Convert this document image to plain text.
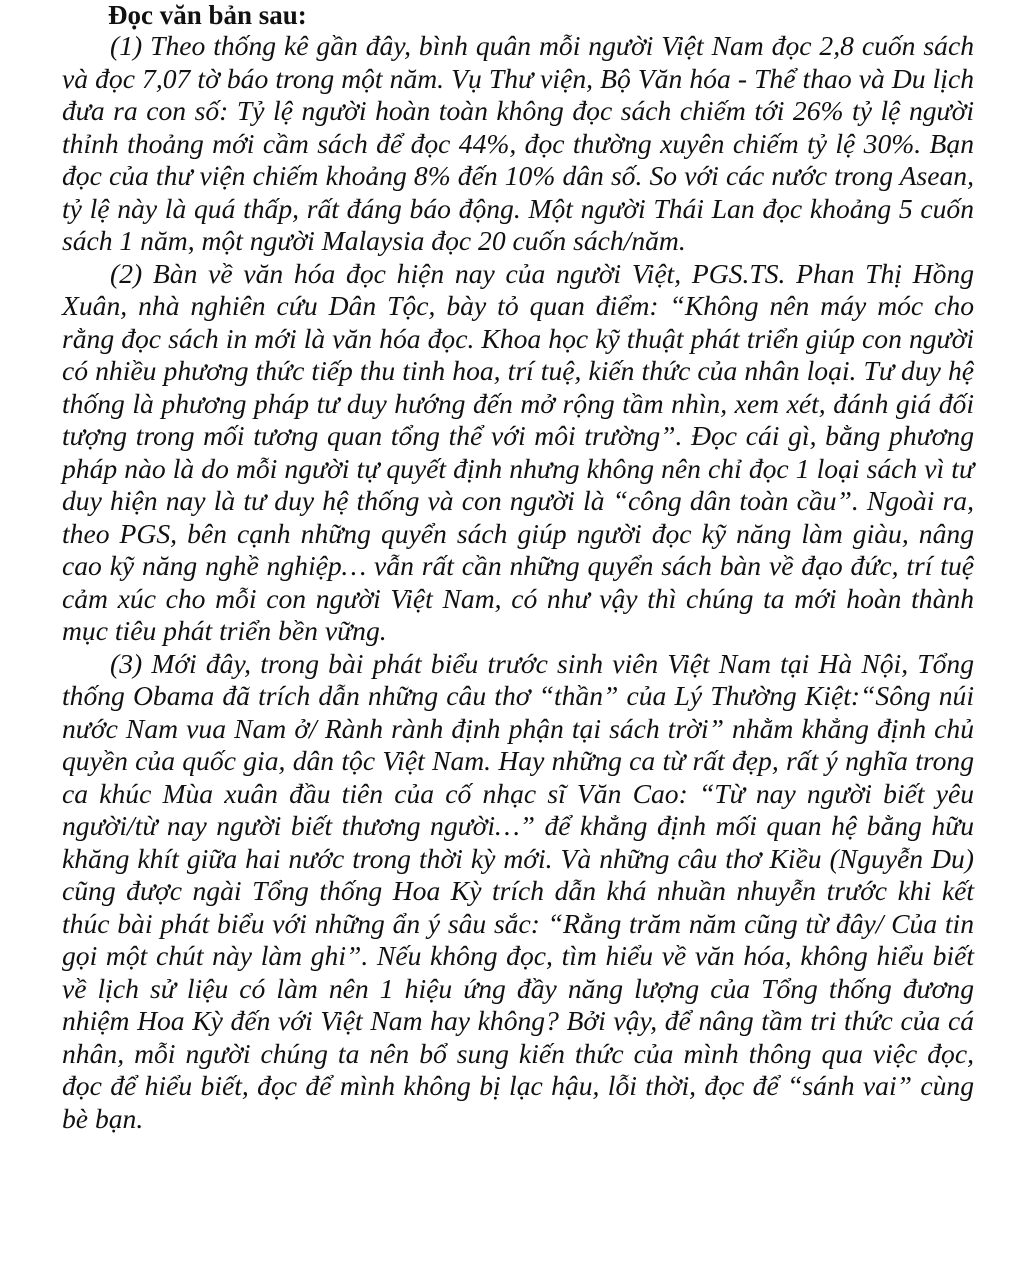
Đọc văn bản sau:

(1) Theo thống kê gần đây, bình quân mỗi người Việt Nam đọc 2,8 cuốn sách và đọc 7,07 tờ báo trong một năm. Vụ Thư viện, Bộ Văn hóa - Thể thao và Du lịch đưa ra con số: Tỷ lệ người hoàn toàn không đọc sách chiếm tới 26% tỷ lệ người thỉnh thoảng mới cầm sách để đọc 44%, đọc thường xuyên chiếm tỷ lệ 30%. Bạn đọc của thư viện chiếm khoảng 8% đến 10% dân số. So với các nước trong Asean, tỷ lệ này là quá thấp, rất đáng báo động. Một người Thái Lan đọc khoảng 5 cuốn sách 1 năm, một người Malaysia đọc 20 cuốn sách/năm.

(2) Bàn về văn hóa đọc hiện nay của người Việt, PGS.TS. Phan Thị Hồng Xuân, nhà nghiên cứu Dân Tộc, bày tỏ quan điểm: “Không nên máy móc cho rằng đọc sách in mới là văn hóa đọc. Khoa học kỹ thuật phát triển giúp con người có nhiều phương thức tiếp thu tinh hoa, trí tuệ, kiến thức của nhân loại. Tư duy hệ thống là phương pháp tư duy hướng đến mở rộng tầm nhìn, xem xét, đánh giá đối tượng trong mối tương quan tổng thể với môi trường”. Đọc cái gì, bằng phương pháp nào là do mỗi người tự quyết định nhưng không nên chỉ đọc 1 loại sách vì tư duy hiện nay là tư duy hệ thống và con người là “công dân toàn cầu”. Ngoài ra, theo PGS, bên cạnh những quyển sách giúp người đọc kỹ năng làm giàu, nâng cao kỹ năng nghề nghiệp… vẫn rất cần những quyển sách bàn về đạo đức, trí tuệ cảm xúc cho mỗi con người Việt Nam, có như vậy thì chúng ta mới hoàn thành mục tiêu phát triển bền vững.

(3) Mới đây, trong bài phát biểu trước sinh viên Việt Nam tại Hà Nội, Tổng thống Obama đã trích dẫn những câu thơ “thần” của Lý Thường Kiệt:“Sông núi nước Nam vua Nam ở/ Rành rành định phận tại sách trời” nhằm khẳng định chủ quyền của quốc gia, dân tộc Việt Nam. Hay những ca từ rất đẹp, rất ý nghĩa trong ca khúc Mùa xuân đầu tiên của cố nhạc sĩ Văn Cao: “Từ nay người biết yêu người/từ nay người biết thương người…” để khẳng định mối quan hệ bằng hữu khăng khít giữa hai nước trong thời kỳ mới. Và những câu thơ Kiều (Nguyễn Du) cũng được ngài Tổng thống Hoa Kỳ trích dẫn khá nhuần nhuyễn trước khi kết thúc bài phát biểu với những ẩn ý sâu sắc: “Rằng trăm năm cũng từ đây/ Của tin gọi một chút này làm ghi”. Nếu không đọc, tìm hiểu về văn hóa, không hiểu biết về lịch sử liệu có làm nên 1 hiệu ứng đầy năng lượng của Tổng thống đương nhiệm Hoa Kỳ đến với Việt Nam hay không? Bởi vậy, để nâng tầm tri thức của cá nhân, mỗi người chúng ta nên bổ sung kiến thức của mình thông qua việc đọc, đọc để hiểu biết, đọc để mình không bị lạc hậu, lỗi thời, đọc để “sánh vai” cùng bè bạn.
